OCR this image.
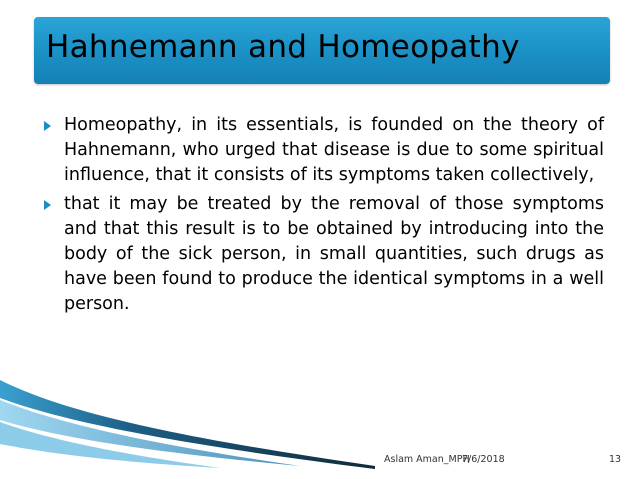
Hahnemann and Homeopathy

Homeopathy, in its essentials, is founded on the theory of Hahnemann, who urged that disease is due to some spiritual influence, that it consists of its symptoms taken collectively,

that it may be treated by the removal of those symptoms and that this result is to be obtained by introducing into the body of the sick person, in small quantities, such drugs as have been found to produce the identical symptoms in a well person.

Aslam Aman_MPH
7/6/2018	13
